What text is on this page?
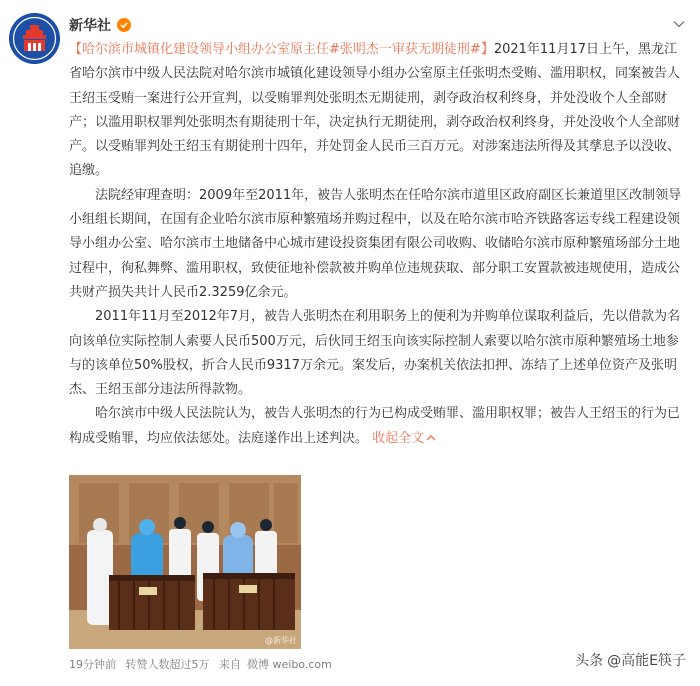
新华社

【哈尔滨市城镇化建设领导小组办公室原主任#张明杰一审获无期徒刑#】2021年11月17日上午，黑龙江省哈尔滨市中级人民法院对哈尔滨市城镇化建设领导小组办公室原主任张明杰受贿、滥用职权，同案被告人王绍玉受贿一案进行公开宣判，以受贿罪判处张明杰无期徒刑，剥夺政治权利终身，并处没收个人全部财产；以滥用职权罪判处张明杰有期徒刑十年，决定执行无期徒刑，剥夺政治权利终身，并处没收个人全部财产。以受贿罪判处王绍玉有期徒刑十四年，并处罚金人民币三百万元。对涉案违法所得及其孳息予以没收、追缴。

法院经审理查明：2009年至2011年，被告人张明杰在任哈尔滨市道里区政府副区长兼道里区改制领导小组组长期间，在国有企业哈尔滨市原种繁殖场并购过程中，以及在哈尔滨市哈齐铁路客运专线工程建设领导小组办公室、哈尔滨市土地储备中心城市建设投资集团有限公司收购、收储哈尔滨市原种繁殖场部分土地过程中，徇私舞弊、滥用职权，致使征地补偿款被并购单位违规获取、部分职工安置款被违规使用，造成公共财产损失共计人民币2.3259亿余元。

2011年11月至2012年7月，被告人张明杰在利用职务上的便利为并购单位谋取利益后，先以借款为名向该单位实际控制人索要人民币500万元，后伙同王绍玉向该实际控制人索要以哈尔滨市原种繁殖场土地参与的该单位50%股权，折合人民币9317万余元。案发后，办案机关依法扣押、冻结了上述单位资产及张明杰、王绍玉部分违法所得款物。

哈尔滨市中级人民法院认为，被告人张明杰的行为已构成受贿罪、滥用职权罪；被告人王绍玉的行为已构成受贿罪，均应依法惩处。法庭遂作出上述判决。 收起全文

@新华社
19分钟前 转赞人数超过5万 来自 微博 weibo.com	头条 @高能E筷子
